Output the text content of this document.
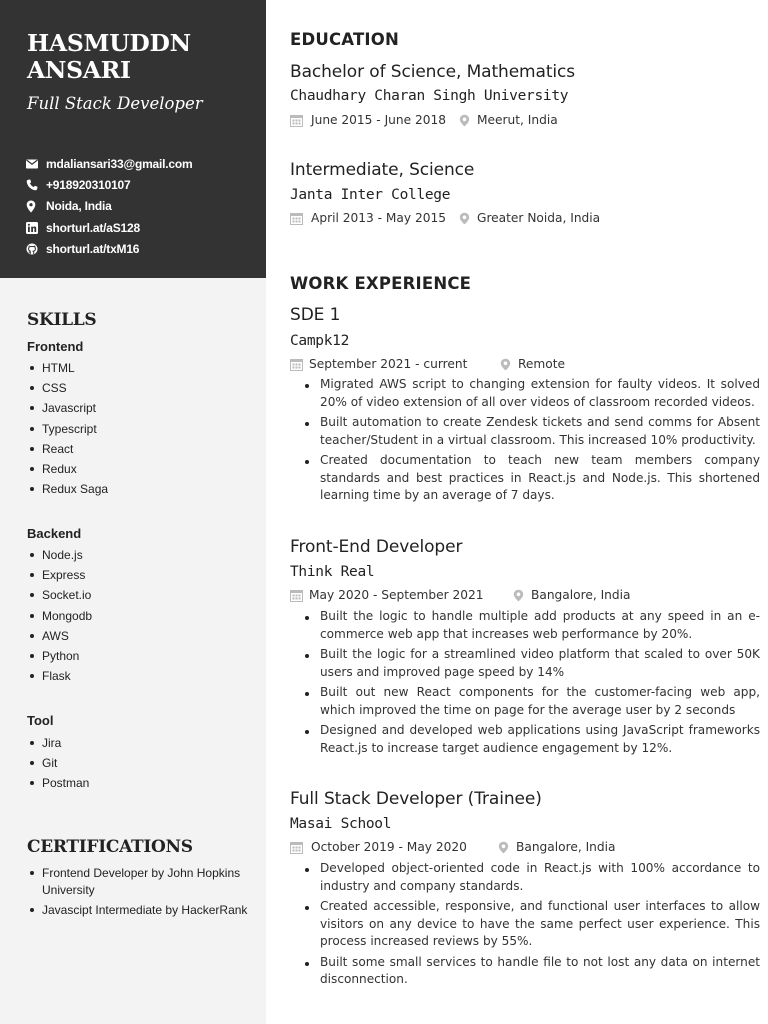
HASMUDDN ANSARI
Full Stack Developer
mdaliansari33@gmail.com
+918920310107
Noida, India
shorturl.at/aS128
shorturl.at/txM16
SKILLS
Frontend
HTML
CSS
Javascript
Typescript
React
Redux
Redux Saga
Backend
Node.js
Express
Socket.io
Mongodb
AWS
Python
Flask
Tool
Jira
Git
Postman
CERTIFICATIONS
Frontend Developer by John Hopkins University
Javascipt Intermediate by HackerRank
EDUCATION
Bachelor of Science, Mathematics
Chaudhary Charan Singh University
June 2015 - June 2018	Meerut, India
Intermediate, Science
Janta Inter College
April 2013 - May 2015	Greater Noida, India
WORK EXPERIENCE
SDE 1
Campk12
September 2021 - current	Remote
Migrated AWS script to changing extension for faulty videos. It solved 20% of video extension of all over videos of classroom recorded videos.
Built automation to create Zendesk tickets and send comms for Absent teacher/Student in a virtual classroom. This increased 10% productivity.
Created documentation to teach new team members company standards and best practices in React.js and Node.js. This shortened learning time by an average of 7 days.
Front-End Developer
Think Real
May 2020 - September 2021	Bangalore, India
Built the logic to handle multiple add products at any speed in an e-commerce web app that increases web performance by 20%.
Built the logic for a streamlined video platform that scaled to over 50K users and improved page speed by 14%
Built out new React components for the customer-facing web app, which improved the time on page for the average user by 2 seconds
Designed and developed web applications using JavaScript frameworks React.js to increase target audience engagement by 12%.
Full Stack Developer (Trainee)
Masai School
October 2019 - May 2020	Bangalore, India
Developed object-oriented code in React.js with 100% accordance to industry and company standards.
Created accessible, responsive, and functional user interfaces to allow visitors on any device to have the same perfect user experience. This process increased reviews by 55%.
Built some small services to handle file to not lost any data on internet disconnection.
